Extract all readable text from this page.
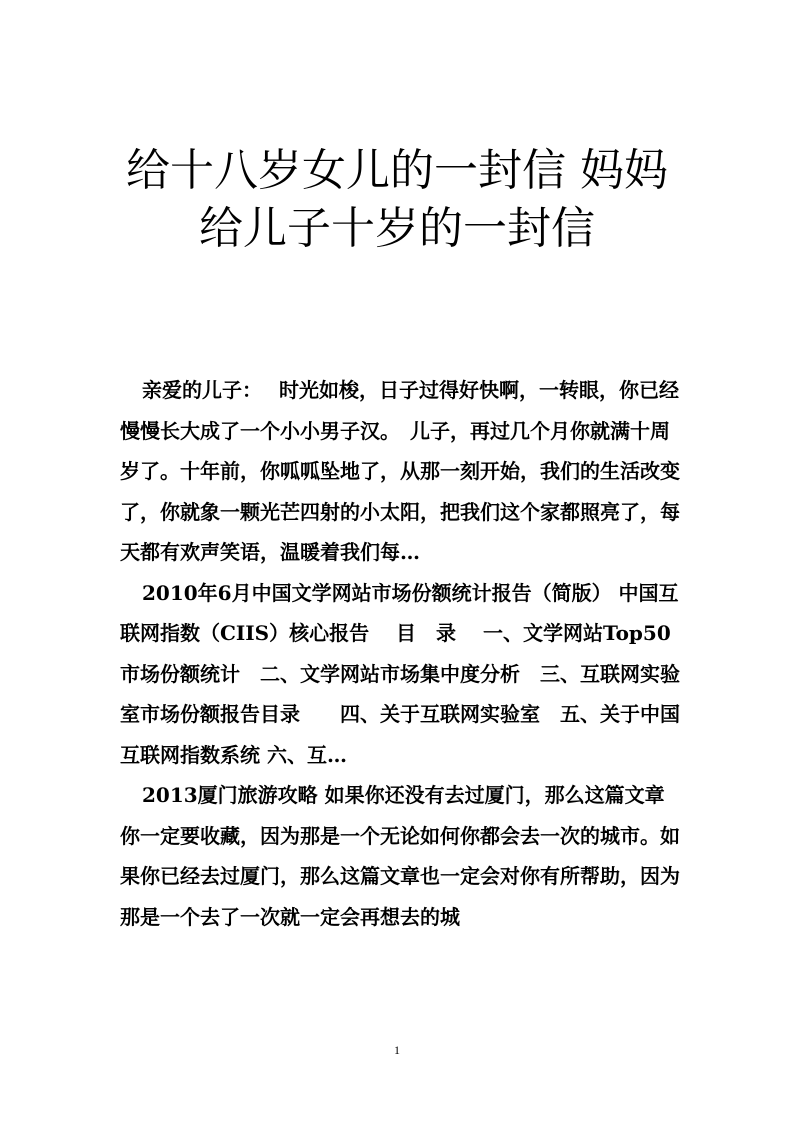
给十八岁女儿的一封信 妈妈给儿子十岁的一封信

亲爱的儿子：　 时光如梭，日子过得好快啊，一转眼，你已经慢慢长大成了一个小小男子汉。　儿子，再过几个月你就满十周岁了。十年前，你呱呱坠地了，从那一刻开始，我们的生活改变了，你就象一颗光芒四射的小太阳，把我们这个家都照亮了，每天都有欢声笑语，温暖着我们每…

2010年6月中国文学网站市场份额统计报告（简版） 中国互联网指数（CIIS）核心报告　 目　录　 一、文学网站Top50市场份额统计　二、文学网站市场集中度分析　三、互联网实验室市场份额报告目录　　四、关于互联网实验室　五、关于中国互联网指数系统 六、互…

2013厦门旅游攻略 如果你还没有去过厦门，那么这篇文章你一定要收藏，因为那是一个无论如何你都会去一次的城市。如果你已经去过厦门，那么这篇文章也一定会对你有所帮助，因为那是一个去了一次就一定会再想去的城

1
